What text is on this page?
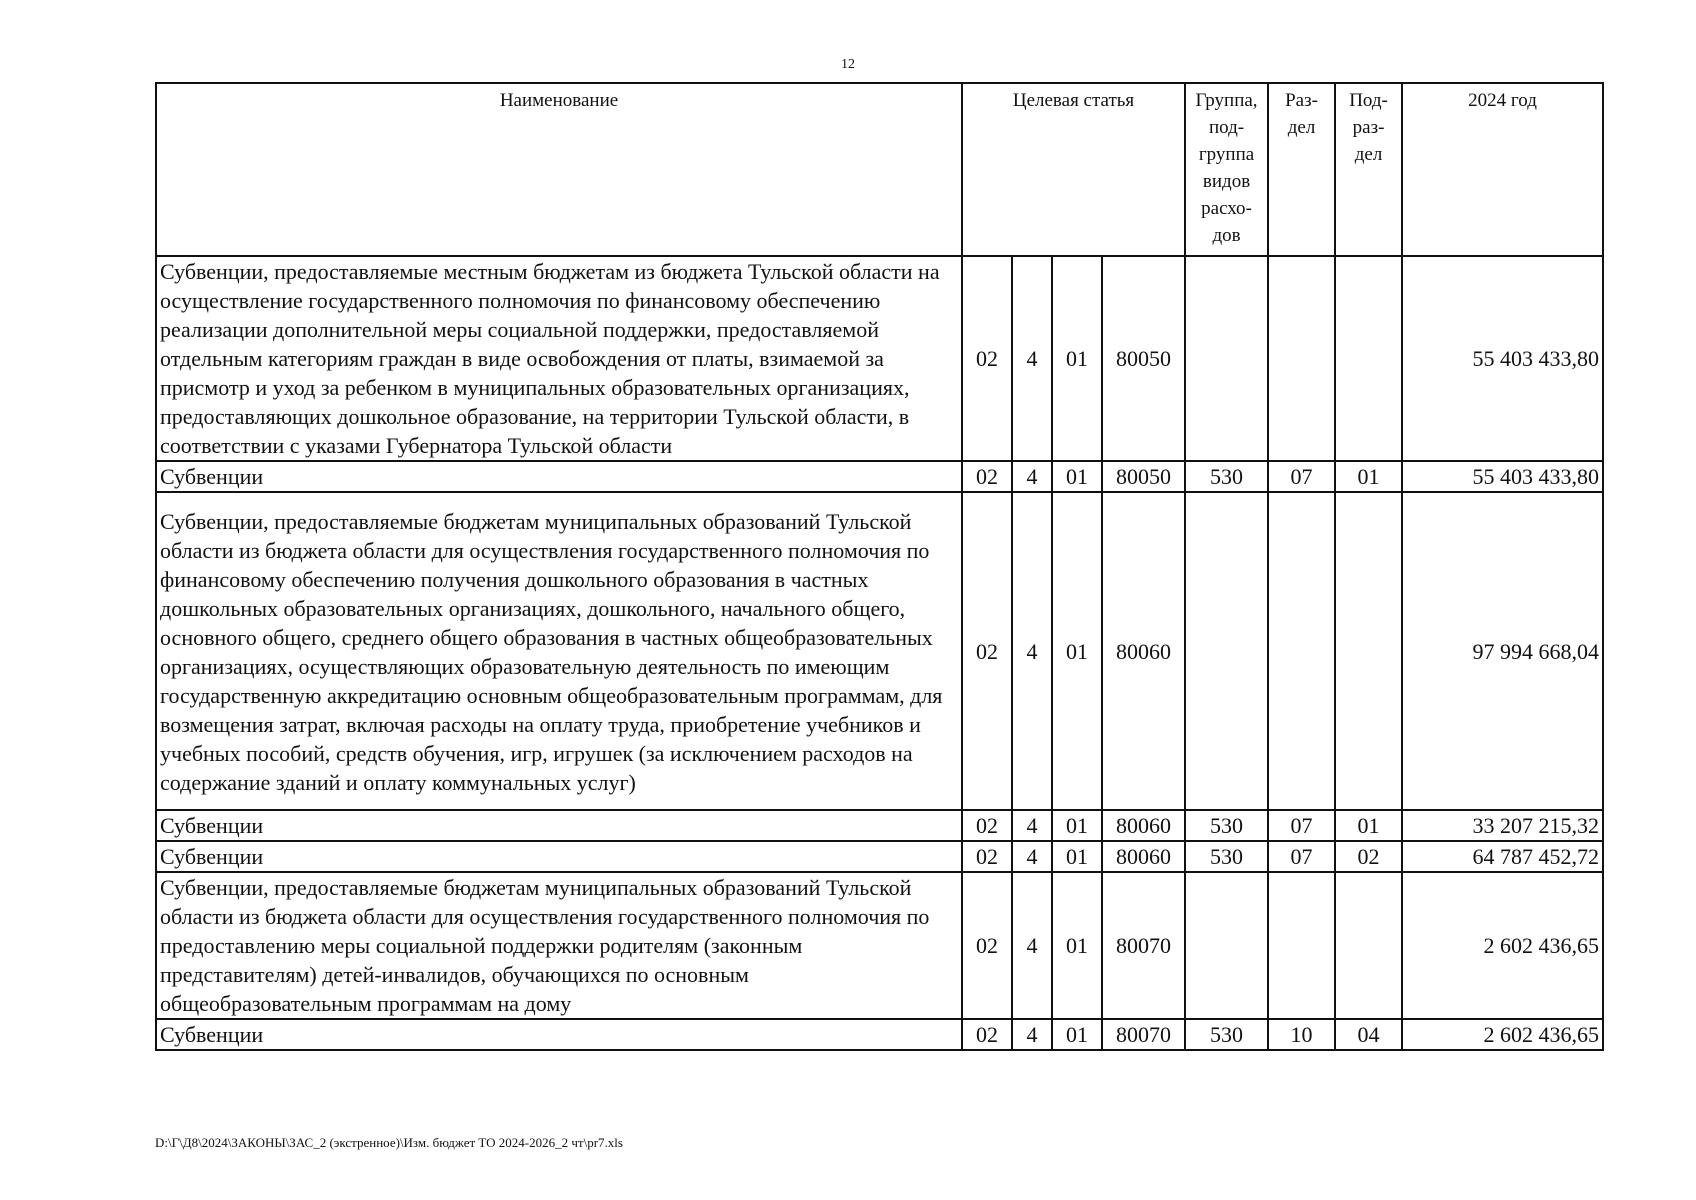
12
Наименование	Целевая статья				Группа, под-группа видов расхо-дов	Раз-дел	Под-раз-дел	2024 год
Субвенции, предоставляемые местным бюджетам из бюджета Тульской области на осуществление государственного полномочия по финансовому обеспечению реализации дополнительной меры социальной поддержки, предоставляемой отдельным категориям граждан в виде освобождения от платы, взимаемой за присмотр и уход за ребенком в муниципальных образовательных организациях, предоставляющих дошкольное образование, на территории Тульской области, в соответствии с указами Губернатора Тульской области	02	4	01	80050				55 403 433,80
Субвенции	02	4	01	80050	530	07	01	55 403 433,80
Субвенции, предоставляемые бюджетам муниципальных образований Тульской области из бюджета области для осуществления государственного полномочия по финансовому обеспечению получения дошкольного образования в частных дошкольных образовательных организациях, дошкольного, начального общего, основного общего, среднего общего образования в частных общеобразовательных организациях, осуществляющих образовательную деятельность по имеющим государственную аккредитацию основным общеобразовательным программам, для возмещения затрат, включая расходы на оплату труда, приобретение учебников и учебных пособий, средств обучения, игр, игрушек (за исключением расходов на содержание зданий и оплату коммунальных услуг)	02	4	01	80060				97 994 668,04
Субвенции	02	4	01	80060	530	07	01	33 207 215,32
Субвенции	02	4	01	80060	530	07	02	64 787 452,72
Субвенции, предоставляемые бюджетам муниципальных образований Тульской области из бюджета области для осуществления государственного полномочия по предоставлению меры социальной поддержки родителям (законным представителям) детей-инвалидов, обучающихся по основным общеобразовательным программам на дому	02	4	01	80070				2 602 436,65
Субвенции	02	4	01	80070	530	10	04	2 602 436,65
D:\Г\Д8\2024\ЗАКОНЫ\ЗАС_2 (экстренное)\Изм. бюджет ТО 2024-2026_2 чт\pr7.xls
